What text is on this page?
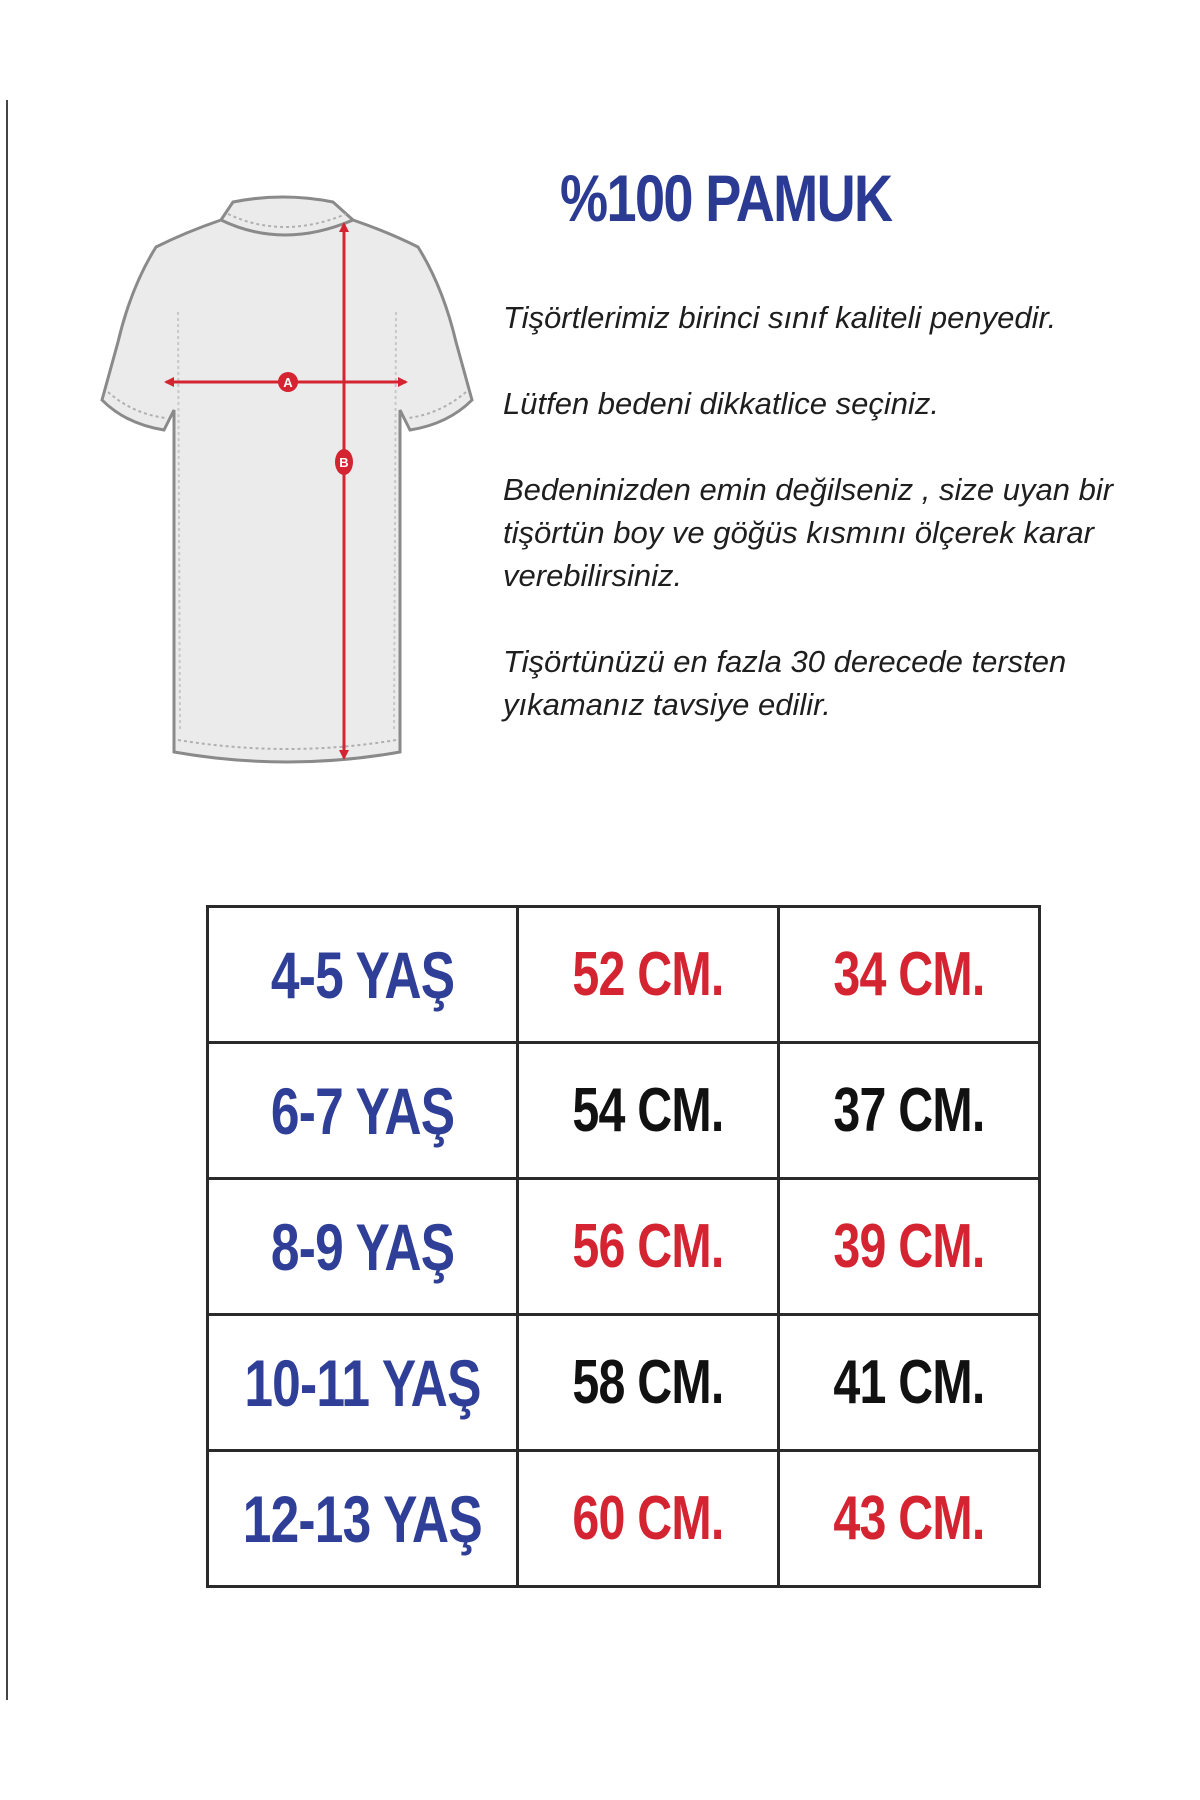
A
B
%100 PAMUK

Tişörtlerimiz birinci sınıf kaliteli penyedir.

Lütfen bedeni dikkatlice seçiniz.

Bedeninizden emin değilseniz , size uyan bir tişörtün boy ve göğüs kısmını ölçerek karar verebilirsiniz.

Tişörtünüzü en fazla 30 derecede tersten yıkamanız tavsiye edilir.

4-5 YAŞ	52 CM.	34 CM.
6-7 YAŞ	54 CM.	37 CM.
8-9 YAŞ	56 CM.	39 CM.
10-11 YAŞ	58 CM.	41 CM.
12-13 YAŞ	60 CM.	43 CM.
